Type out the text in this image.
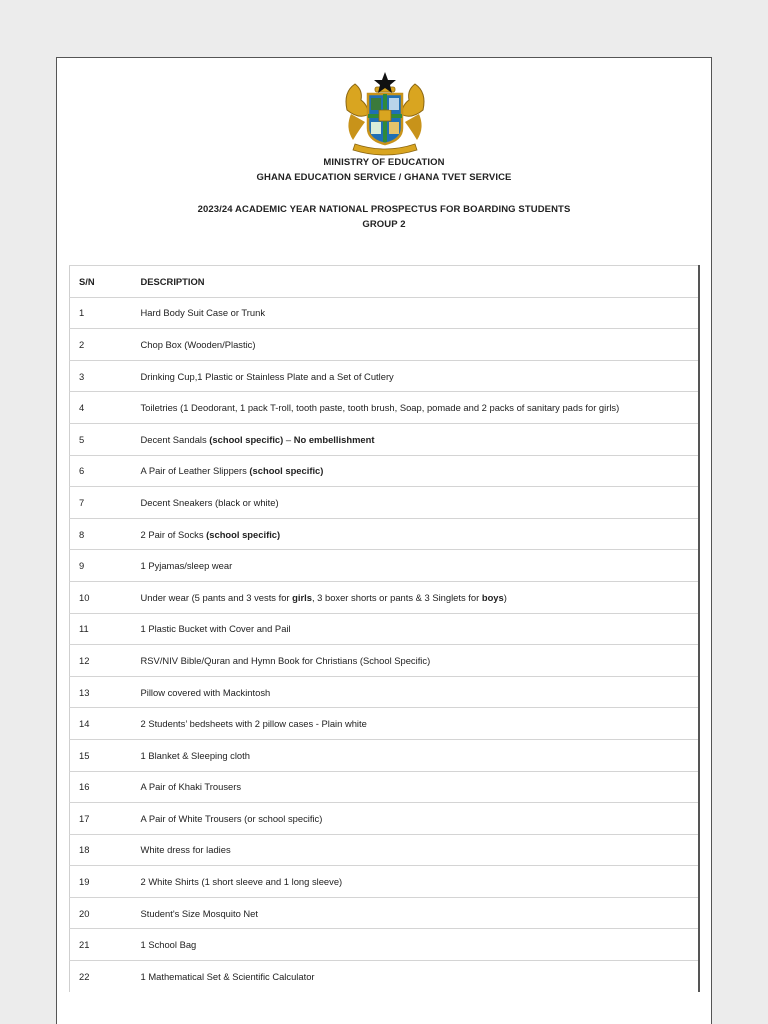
MINISTRY OF EDUCATION
GHANA EDUCATION SERVICE / GHANA TVET SERVICE
2023/24 ACADEMIC YEAR NATIONAL PROSPECTUS FOR BOARDING STUDENTS
GROUP 2
S/N	DESCRIPTION
1	Hard Body Suit Case or Trunk
2	Chop Box (Wooden/Plastic)
3	Drinking Cup,1 Plastic or Stainless Plate and a Set of Cutlery
4	Toiletries (1 Deodorant, 1 pack T-roll, tooth paste, tooth brush, Soap, pomade and 2 packs of sanitary pads for girls)
5	Decent Sandals (school specific) – No embellishment
6	A Pair of Leather Slippers (school specific)
7	Decent Sneakers (black or white)
8	2 Pair of Socks (school specific)
9	1 Pyjamas/sleep wear
10	Under wear (5 pants and 3 vests for girls, 3 boxer shorts or pants & 3 Singlets for boys)
11	1 Plastic Bucket with Cover and Pail
12	RSV/NIV Bible/Quran and Hymn Book for Christians (School Specific)
13	Pillow covered with Mackintosh
14	2 Students’ bedsheets with 2 pillow cases - Plain white
15	1 Blanket & Sleeping cloth
16	A Pair of Khaki Trousers
17	A Pair of White Trousers (or school specific)
18	White dress for ladies
19	2 White Shirts (1 short sleeve and 1 long sleeve)
20	Student's Size Mosquito Net
21	1 School Bag
22	1 Mathematical Set & Scientific Calculator
